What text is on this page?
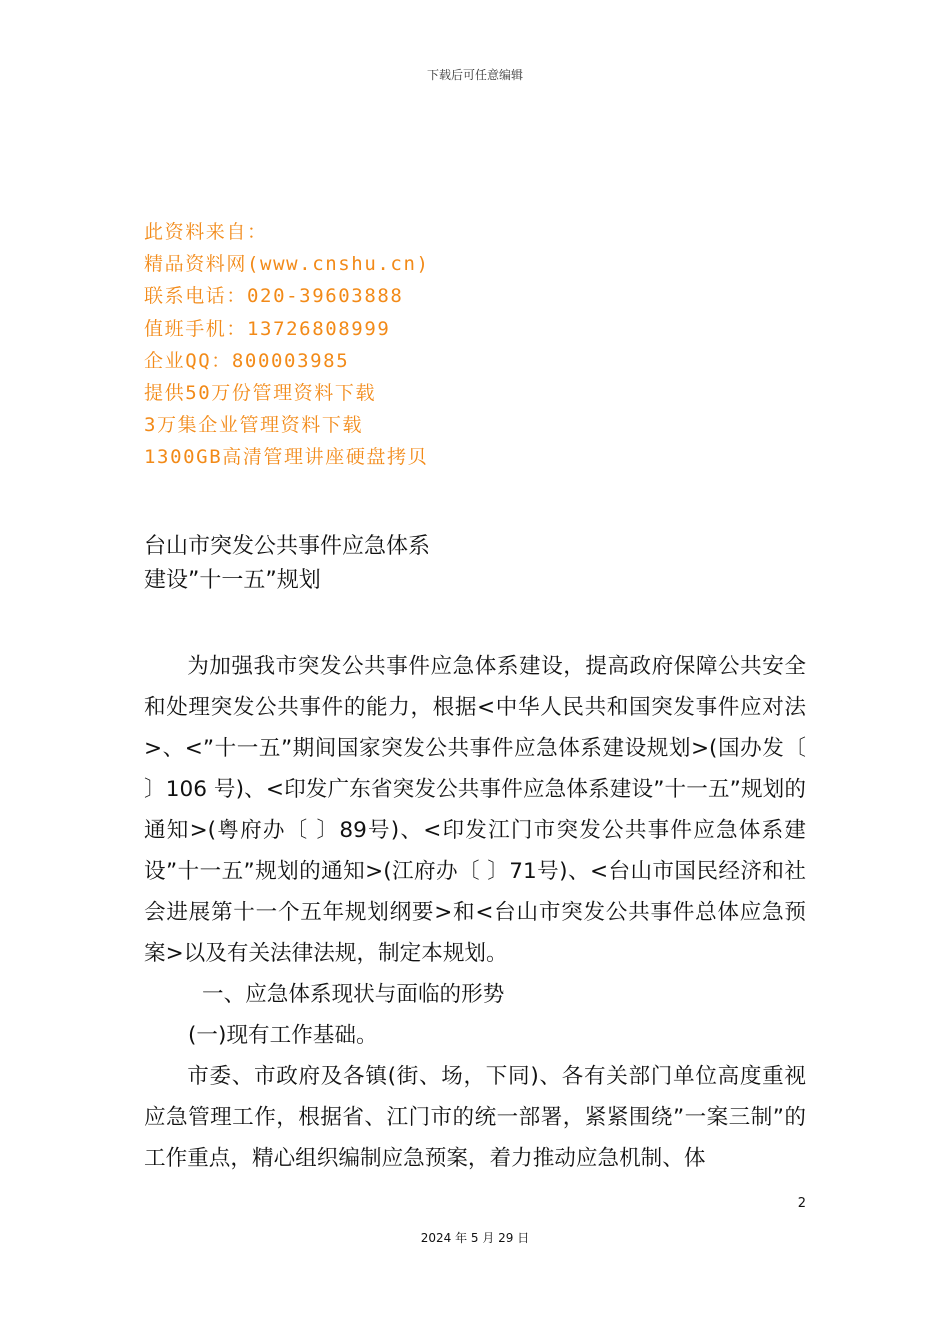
下载后可任意编辑
此资料来自：
精品资料网(www.cnshu.cn)
联系电话：020-39603888
值班手机：13726808999
企业QQ：800003985
提供50万份管理资料下载
3万集企业管理资料下载
1300GB高清管理讲座硬盘拷贝
台山市突发公共事件应急体系
建设”十一五”规划

为加强我市突发公共事件应急体系建设，提高政府保障公共安全和处理突发公共事件的能力，根据<中华人民共和国突发事件应对法>、<”十一五”期间国家突发公共事件应急体系建设规划>(国办发〔 〕106 号)、<印发广东省突发公共事件应急体系建设”十一五”规划的通知>(粤府办〔 〕89号)、<印发江门市突发公共事件应急体系建设”十一五”规划的通知>(江府办〔 〕71号)、<台山市国民经济和社会进展第十一个五年规划纲要>和<台山市突发公共事件总体应急预案>以及有关法律法规，制定本规划。

一、应急体系现状与面临的形势

(一)现有工作基础。

市委、市政府及各镇(街、场，下同)、各有关部门单位高度重视应急管理工作，根据省、江门市的统一部署，紧紧围绕”一案三制”的工作重点，精心组织编制应急预案，着力推动应急机制、体

2
2024 年 5 月 29 日
